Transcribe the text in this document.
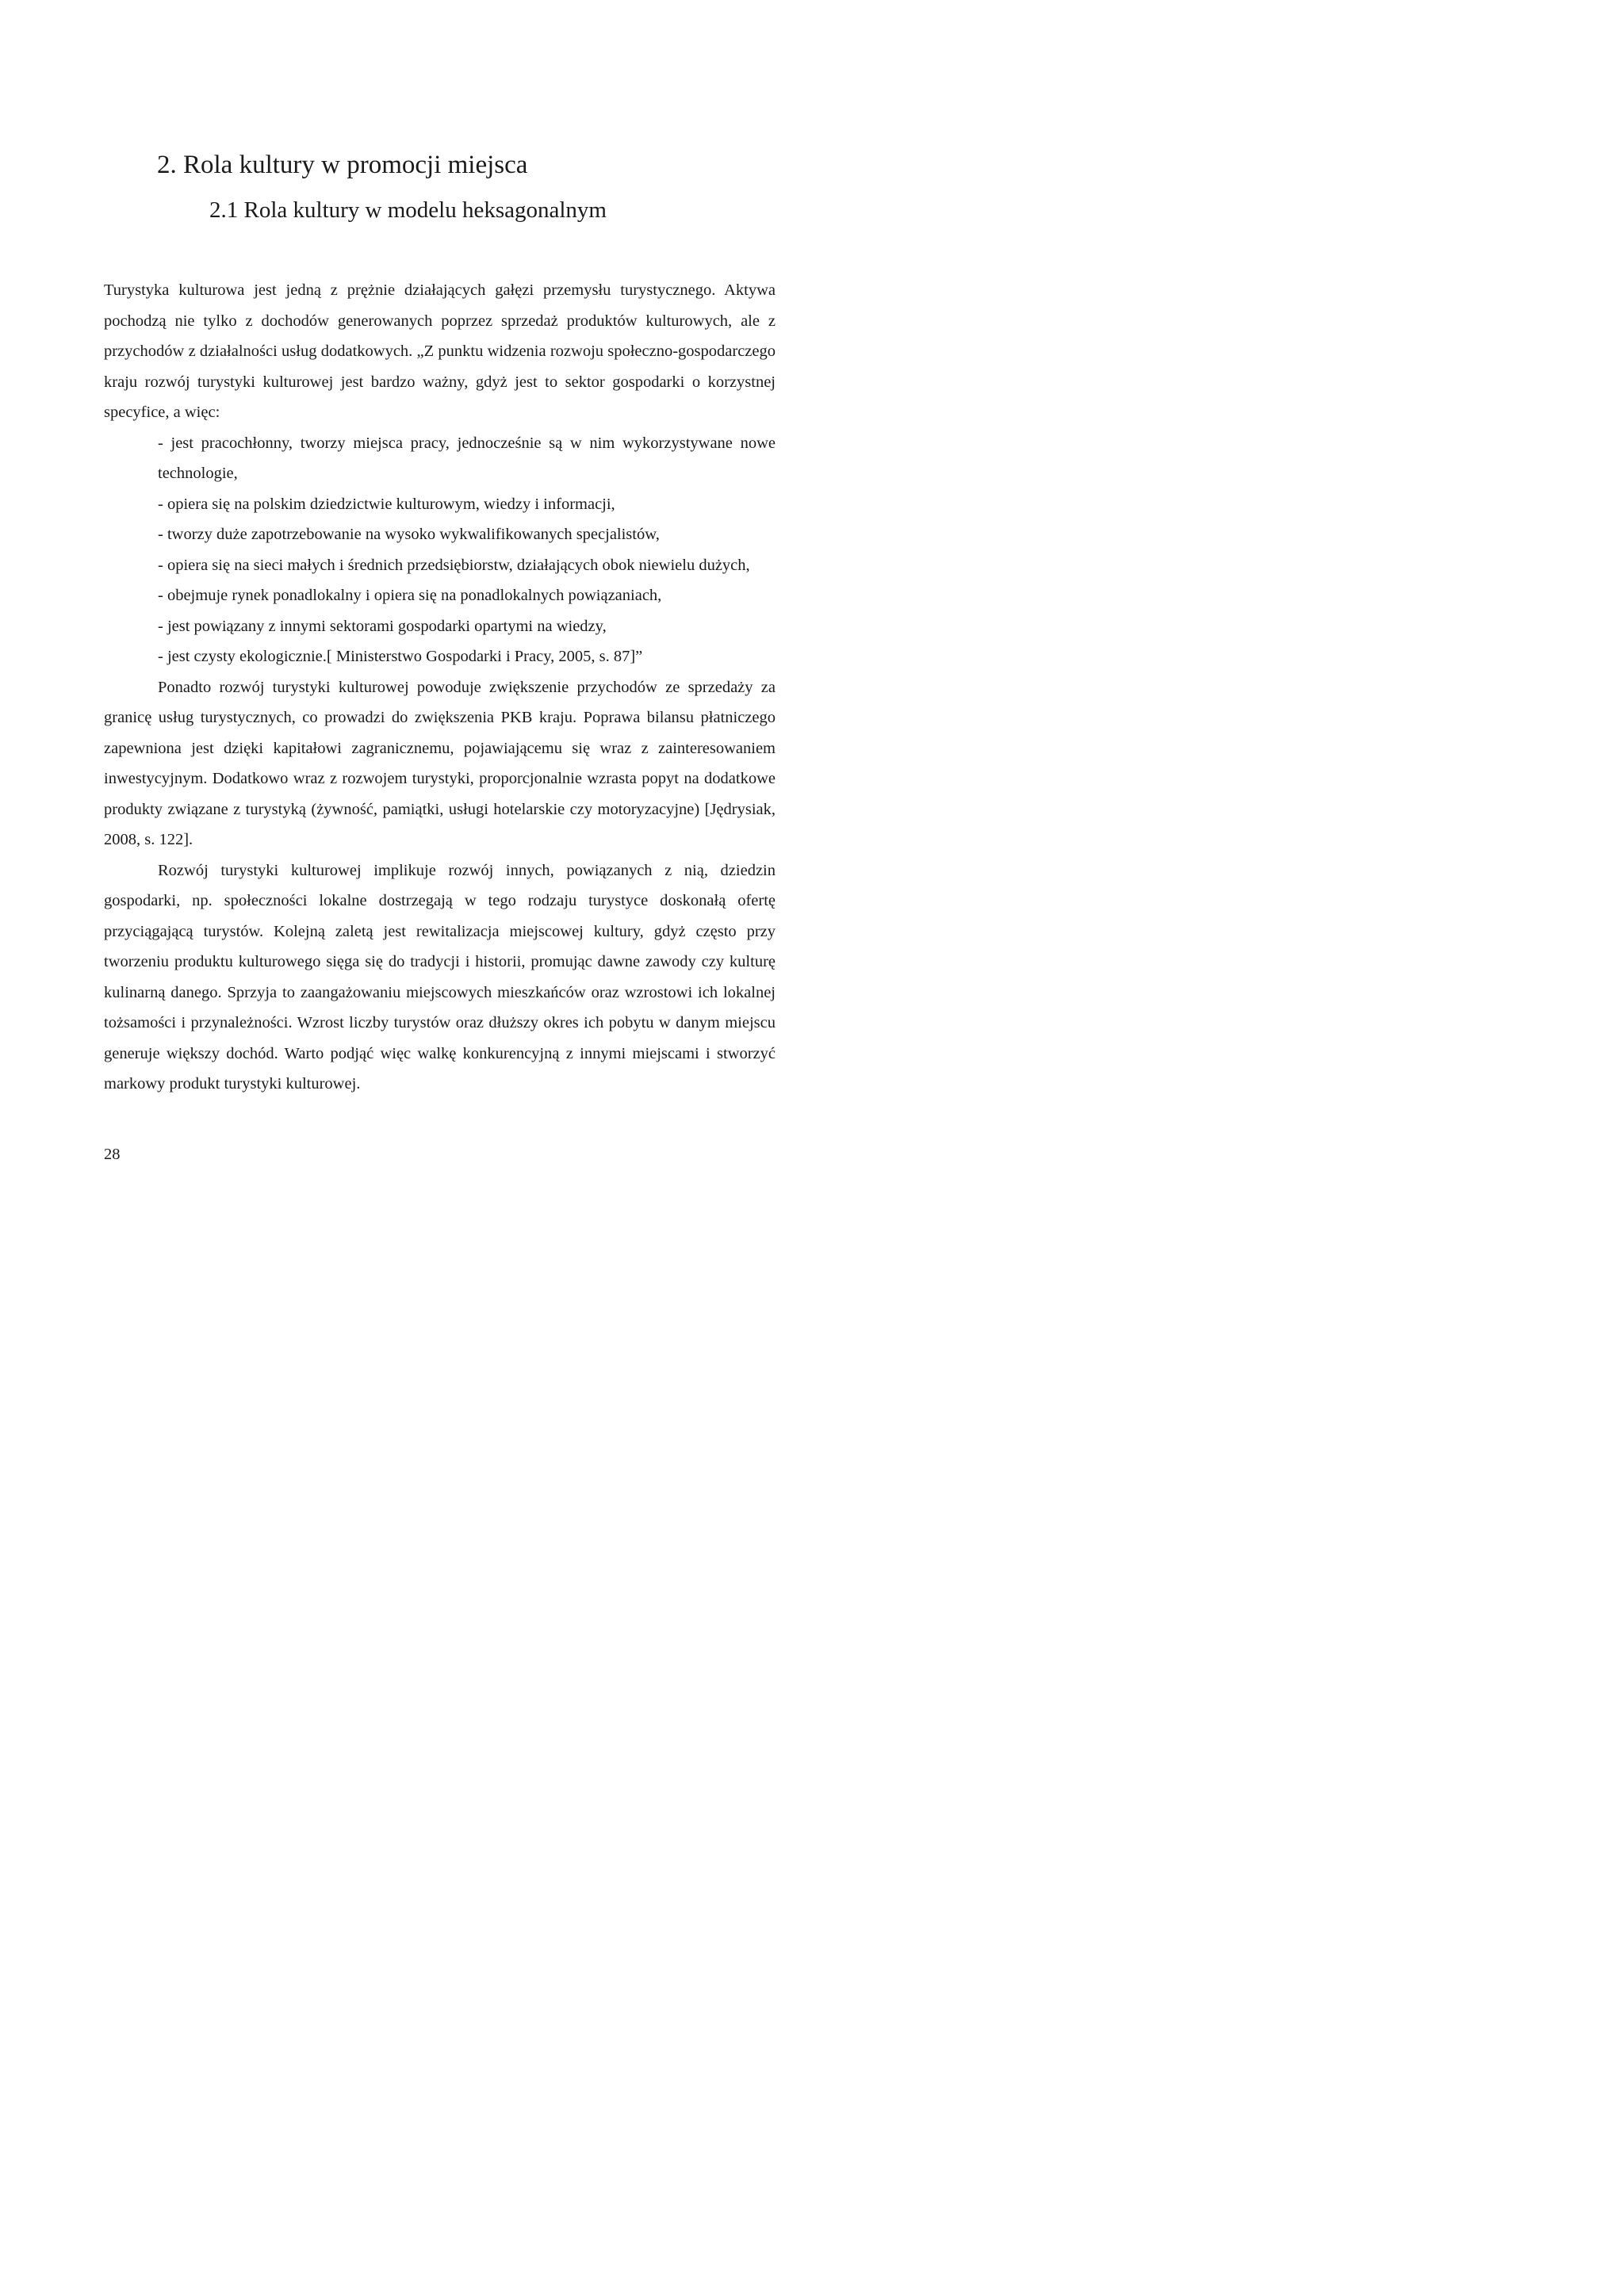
2. Rola kultury w promocji miejsca
2.1 Rola kultury w modelu heksagonalnym

Turystyka kulturowa jest jedną z prężnie działających gałęzi przemysłu turystycznego. Aktywa pochodzą nie tylko z dochodów generowanych poprzez sprzedaż produktów kulturowych, ale z przychodów z działalności usług dodatkowych. „Z punktu widzenia rozwoju społeczno-gospodarczego kraju rozwój turystyki kulturowej jest bardzo ważny, gdyż jest to sektor gospodarki o korzystnej specyfice, a więc:

- jest pracochłonny, tworzy miejsca pracy, jednocześnie są w nim wykorzystywane nowe technologie,
- opiera się na polskim dziedzictwie kulturowym, wiedzy i informacji,
- tworzy duże zapotrzebowanie na wysoko wykwalifikowanych specjalistów,
- opiera się na sieci małych i średnich przedsiębiorstw, działających obok niewielu dużych,
- obejmuje rynek ponadlokalny i opiera się na ponadlokalnych powiązaniach,
- jest powiązany z innymi sektorami gospodarki opartymi na wiedzy,
- jest czysty ekologicznie.[ Ministerstwo Gospodarki i Pracy, 2005, s. 87]”

Ponadto rozwój turystyki kulturowej powoduje zwiększenie przychodów ze sprzedaży za granicę usług turystycznych, co prowadzi do zwiększenia PKB kraju. Poprawa bilansu płatniczego zapewniona jest dzięki kapitałowi zagranicznemu, pojawiającemu się wraz z zainteresowaniem inwestycyjnym. Dodatkowo wraz z rozwojem turystyki, proporcjonalnie wzrasta popyt na dodatkowe produkty związane z turystyką (żywność, pamiątki, usługi hotelarskie czy motoryzacyjne) [Jędrysiak, 2008, s. 122].

Rozwój turystyki kulturowej implikuje rozwój innych, powiązanych z nią, dziedzin gospodarki, np. społeczności lokalne dostrzegają w tego rodzaju turystyce doskonałą ofertę przyciągającą turystów. Kolejną zaletą jest rewitalizacja miejscowej kultury, gdyż często przy tworzeniu produktu kulturowego sięga się do tradycji i historii, promując dawne zawody czy kulturę kulinarną danego. Sprzyja to zaangażowaniu miejscowych mieszkańców oraz wzrostowi ich lokalnej tożsamości i przynależności. Wzrost liczby turystów oraz dłuższy okres ich pobytu w danym miejscu generuje większy dochód. Warto podjąć więc walkę konkurencyjną z innymi miejscami i stworzyć markowy produkt turystyki kulturowej.

28
